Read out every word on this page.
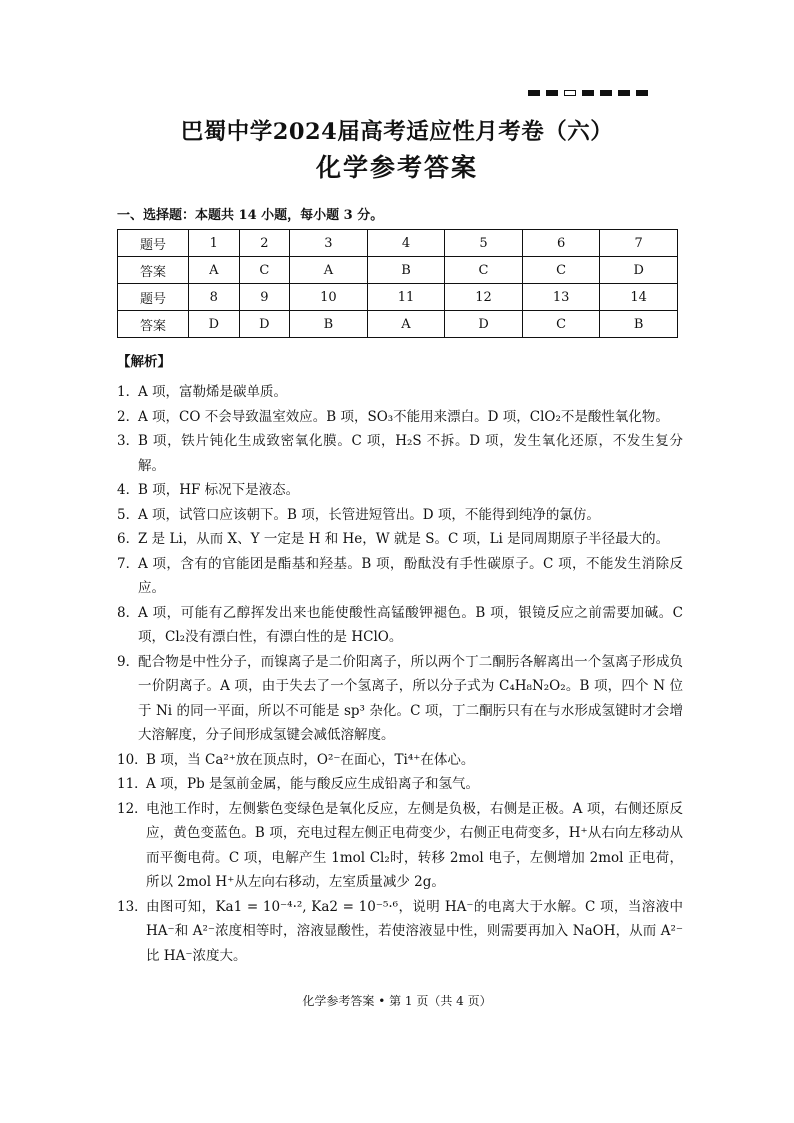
巴蜀中学2024届高考适应性月考卷（六）
化学参考答案
一、选择题：本题共 14 小题，每小题 3 分。
题号	1	2	3	4	5	6	7
答案	A	C	A	B	C	C	D
题号	8	9	10	11	12	13	14
答案	D	D	B	A	D	C	B
【解析】
1．
A 项，富勒烯是碳单质。
2．
A 项，CO 不会导致温室效应。B 项，SO₃不能用来漂白。D 项，ClO₂不是酸性氧化物。
3．
B 项，铁片钝化生成致密氧化膜。C 项，H₂S 不拆。D 项，发生氧化还原，不发生复分解。
4．
B 项，HF 标况下是液态。
5．
A 项，试管口应该朝下。B 项，长管进短管出。D 项，不能得到纯净的氯仿。
6．
Z 是 Li，从而 X、Y 一定是 H 和 He，W 就是 S。C 项，Li 是同周期原子半径最大的。
7．
A 项，含有的官能团是酯基和羟基。B 项，酚酞没有手性碳原子。C 项，不能发生消除反应。
8．
A 项，可能有乙醇挥发出来也能使酸性高锰酸钾褪色。B 项，银镜反应之前需要加碱。C 项，Cl₂没有漂白性，有漂白性的是 HClO。
9．
配合物是中性分子，而镍离子是二价阳离子，所以两个丁二酮肟各解离出一个氢离子形成负一价阴离子。A 项，由于失去了一个氢离子，所以分子式为 C₄H₈N₂O₂。B 项，四个 N 位于 Ni 的同一平面，所以不可能是 sp³ 杂化。C 项，丁二酮肟只有在与水形成氢键时才会增大溶解度，分子间形成氢键会减低溶解度。
10．
B 项，当 Ca²⁺放在顶点时，O²⁻在面心，Ti⁴⁺在体心。
11．
A 项，Pb 是氢前金属，能与酸反应生成铅离子和氢气。
12．
电池工作时，左侧紫色变绿色是氧化反应，左侧是负极，右侧是正极。A 项，右侧还原反应，黄色变蓝色。B 项，充电过程左侧正电荷变少，右侧正电荷变多，H⁺从右向左移动从而平衡电荷。C 项，电解产生 1mol Cl₂时，转移 2mol 电子，左侧增加 2mol 正电荷，所以 2mol H⁺从左向右移动，左室质量减少 2g。
13．
由图可知，Ka1 = 10⁻⁴·², Ka2 = 10⁻⁵·⁶，说明 HA⁻的电离大于水解。C 项，当溶液中 HA⁻和 A²⁻浓度相等时，溶液显酸性，若使溶液显中性，则需要再加入 NaOH，从而 A²⁻比 HA⁻浓度大。
化学参考答案 • 第 1 页（共 4 页）
